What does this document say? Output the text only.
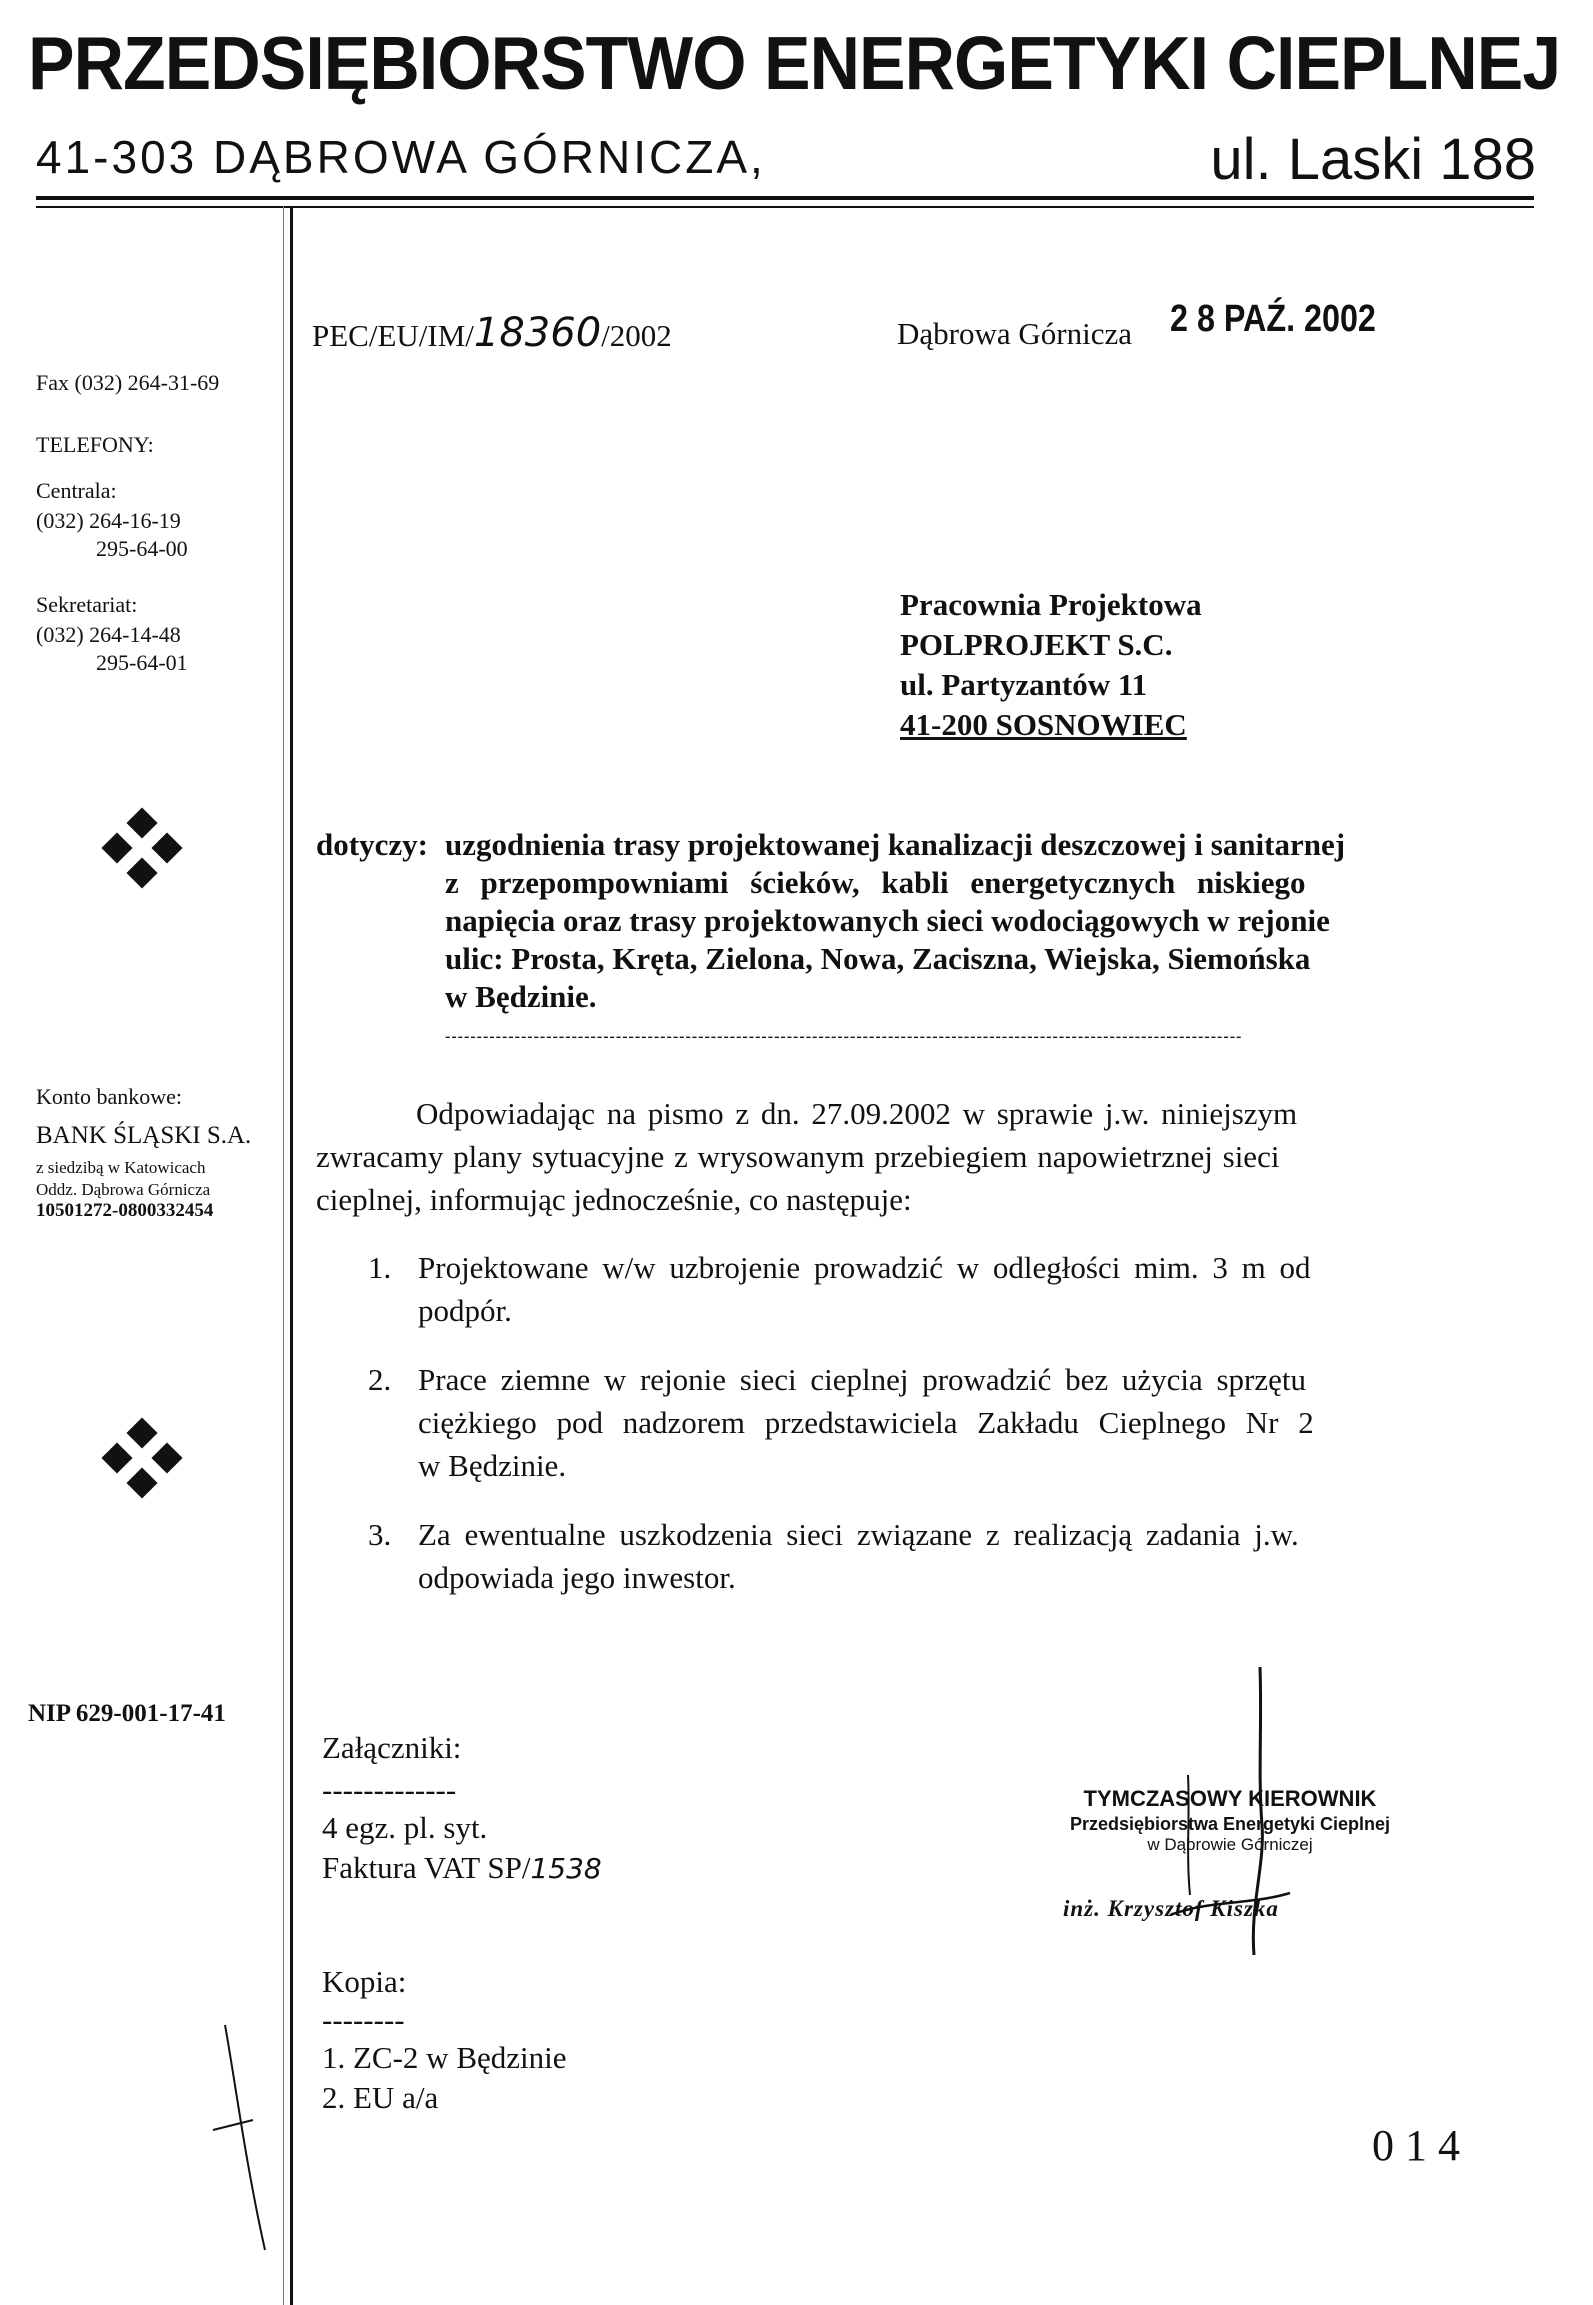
PRZEDSIĘBIORSTWO ENERGETYKI CIEPLNEJ
41-303 DĄBROWA GÓRNICZA,	ul. Laski 188
Fax (032) 264-31-69
TELEFONY:
Centrala:
(032) 264-16-19
295-64-00
Sekretariat:
(032) 264-14-48
295-64-01
Konto bankowe:
BANK ŚLĄSKI S.A.
z siedzibą w Katowicach
Oddz. Dąbrowa Górnicza
10501272-0800332454
NIP 629-001-17-41
PEC/EU/IM/18360/2002	Dąbrowa Górnicza 2 8 PAŹ. 2002
Pracownia Projektowa
POLPROJEKT S.C.
ul. Partyzantów 11
41-200 SOSNOWIEC
dotyczy: uzgodnienia trasy projektowanej kanalizacji deszczowej i sanitarnej
z przepompowniami ścieków, kabli energetycznych niskiego
napięcia oraz trasy projektowanych sieci wodociągowych w rejonie
ulic: Prosta, Kręta, Zielona, Nowa, Zaciszna, Wiejska, Siemońska
w Będzinie.
------------------------------------------------------------------------------------------------------------------------------
Odpowiadając na pismo z dn. 27.09.2002 w sprawie j.w. niniejszym
zwracamy plany sytuacyjne z wrysowanym przebiegiem napowietrznej sieci
cieplnej, informując jednocześnie, co następuje:
1. Projektowane w/w uzbrojenie prowadzić w odległości mim. 3 m od
podpór.
2. Prace ziemne w rejonie sieci cieplnej prowadzić bez użycia sprzętu
ciężkiego pod nadzorem przedstawiciela Zakładu Cieplnego Nr 2
w Będzinie.
3. Za ewentualne uszkodzenia sieci związane z realizacją zadania j.w.
odpowiada jego inwestor.
Załączniki:
-------------
4 egz. pl. syt.
Faktura VAT SP/1538
TYMCZASOWY KIEROWNIK
Przedsiębiorstwa Energetyki Cieplnej
w Dąbrowie Górniczej
inż. Krzysztof Kiszka
Kopia:
--------
1. ZC-2 w Będzinie
2. EU a/a
0 1 4
